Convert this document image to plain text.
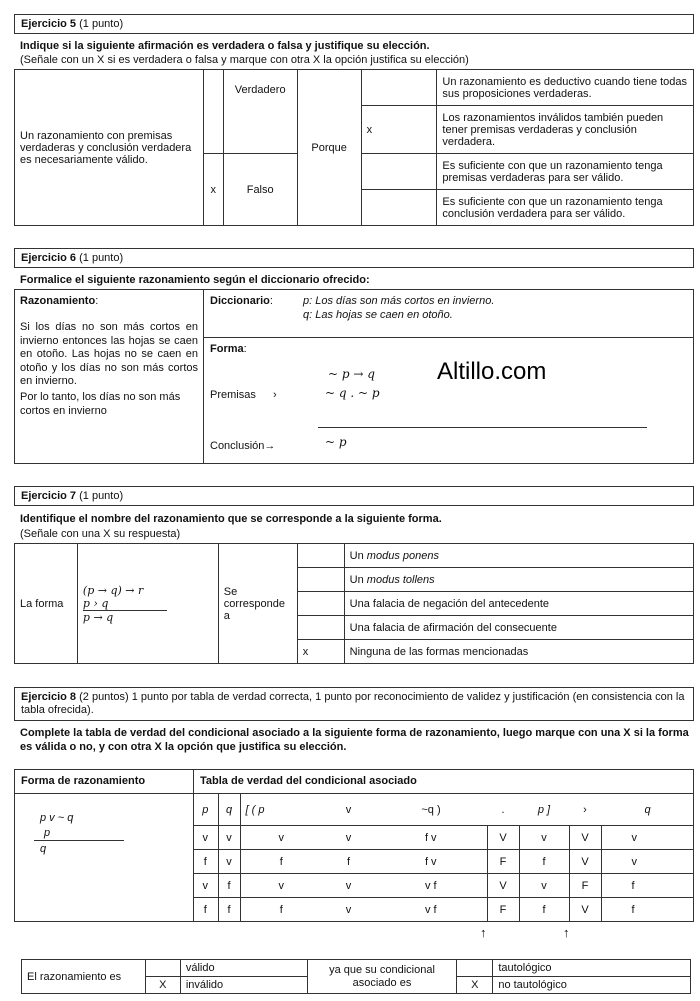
Ejercicio 5 (1 punto)
Indique si la siguiente afirmación es verdadera o falsa y justifique su elección.
(Señale con un X si es verdadera o falsa y marque con otra X la opción justifica su elección)
Un razonamiento con premisas verdaderas y conclusión verdadera es necesariamente válido.		Verdadero	Porque		Un razonamiento es deductivo cuando tiene todas sus proposiciones verdaderas.
				x	Los razonamientos inválidos también pueden tener premisas verdaderas y conclusión verdadera.
	x	Falso			Es suficiente con que un razonamiento tenga premisas verdaderas para ser válido.
					Es suficiente con que un razonamiento tenga conclusión verdadera para ser válido.
Ejercicio 6 (1 punto)
Formalice el siguiente razonamiento según el diccionario ofrecido:
Razonamiento:
Si los días no son más cortos en invierno entonces las hojas se caen en otoño. Las hojas no se caen en otoño y los días no son más cortos en invierno.
Por lo tanto, los días no son más cortos en invierno
Diccionario:	p: Los días son más cortos en invierno.
q: Las hojas se caen en otoño.
Forma:
Premisas ›
~ p → q
~ q . ~ p
Altillo.com
Conclusión→	~ p
Ejercicio 7 (1 punto)
Identifique el nombre del razonamiento que se corresponde a la siguiente forma.
(Señale con una X su respuesta)
La forma	(p → q) → r
p › q
p → q	Se corresponde a		Un modus ponens
				Un modus tollens
				Una falacia de negación del antecedente
				Una falacia de afirmación del consecuente
			x	Ninguna de las formas mencionadas
Ejercicio 8 (2 puntos) 1 punto por tabla de verdad correcta, 1 punto por reconocimiento de validez y justificación (en consistencia con la tabla ofrecida).
Complete la tabla de verdad del condicional asociado a la siguiente forma de razonamiento, luego marque con una X si la forma es válida o no, y con otra X la opción que justifica su elección.
Forma de razonamiento	Tabla de verdad del condicional asociado
p v ~ q
p
q
p	q	[ ( p	v	~q )	.	p ]	›	q
v	v	v	v	f v	V	v	V	v
f	v	f	f	f v	F	f	V	v
v	f	v	v	v f	V	v	F	f
f	f	f	v	v f	F	f	V	f
↑	↑
El razonamiento es		válido	ya que su condicional asociado es		tautológico
	X	inválido		X	no tautológico
